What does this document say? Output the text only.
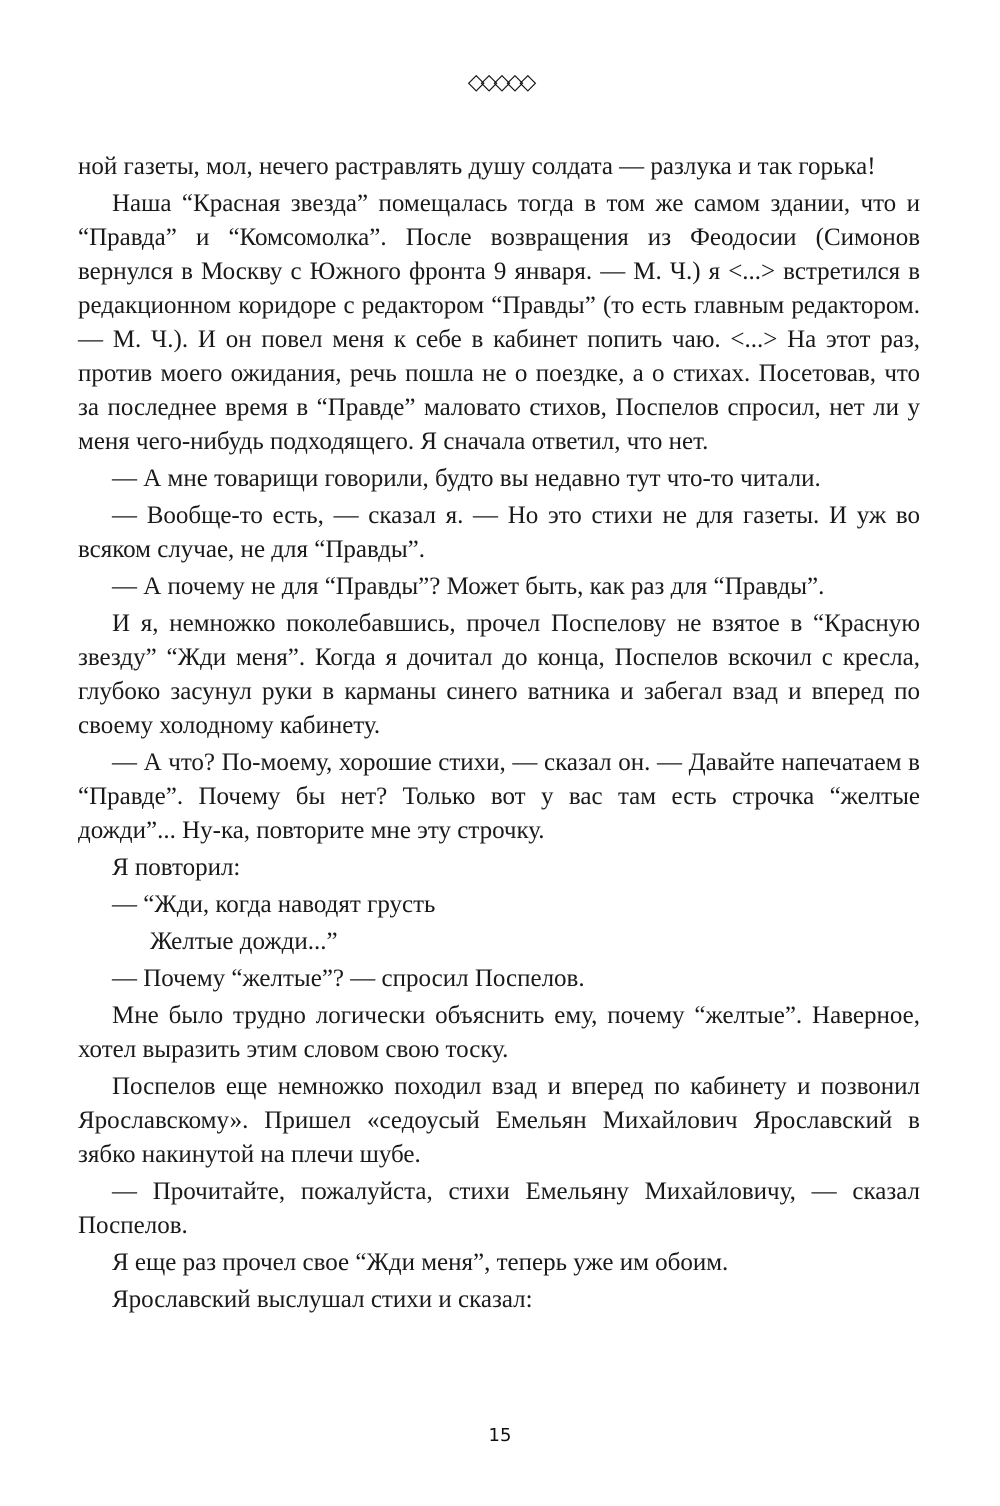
◇◇◇◇◇

ной газеты, мол, нечего растравлять душу солдата — разлука и так горька!

Наша “Красная звезда” помещалась тогда в том же самом здании, что и “Правда” и “Комсомолка”. После возвращения из Феодосии (Симонов вернулся в Москву с Южного фронта 9 января. — М. Ч.) я <...> встретился в редакционном коридоре с редактором “Правды” (то есть главным редактором. — М. Ч.). И он повел меня к себе в кабинет попить чаю. <...> На этот раз, против моего ожидания, речь пошла не о поездке, а о стихах. Посетовав, что за последнее время в “Правде” маловато стихов, Поспелов спросил, нет ли у меня чего-нибудь подходящего. Я сначала ответил, что нет.

— А мне товарищи говорили, будто вы недавно тут что-то читали.

— Вообще-то есть, — сказал я. — Но это стихи не для газеты. И уж во всяком случае, не для “Правды”.

— А почему не для “Правды”? Может быть, как раз для “Правды”.

И я, немножко поколебавшись, прочел Поспелову не взятое в “Красную звезду” “Жди меня”. Когда я дочитал до конца, Поспелов вскочил с кресла, глубоко засунул руки в карманы синего ватника и забегал взад и вперед по своему холодному кабинету.

— А что? По-моему, хорошие стихи, — сказал он. — Давайте напечатаем в “Правде”. Почему бы нет? Только вот у вас там есть строчка “желтые дожди”... Ну-ка, повторите мне эту строчку.

Я повторил:

— “Жди, когда наводят грусть

Желтые дожди...”

— Почему “желтые”? — спросил Поспелов.

Мне было трудно логически объяснить ему, почему “желтые”. Наверное, хотел выразить этим словом свою тоску.

Поспелов еще немножко походил взад и вперед по кабинету и позвонил Ярославскому». Пришел «седоусый Емельян Михайлович Ярославский в зябко накинутой на плечи шубе.

— Прочитайте, пожалуйста, стихи Емельяну Михайловичу, — сказал Поспелов.

Я еще раз прочел свое “Жди меня”, теперь уже им обоим.

Ярославский выслушал стихи и сказал:

15
